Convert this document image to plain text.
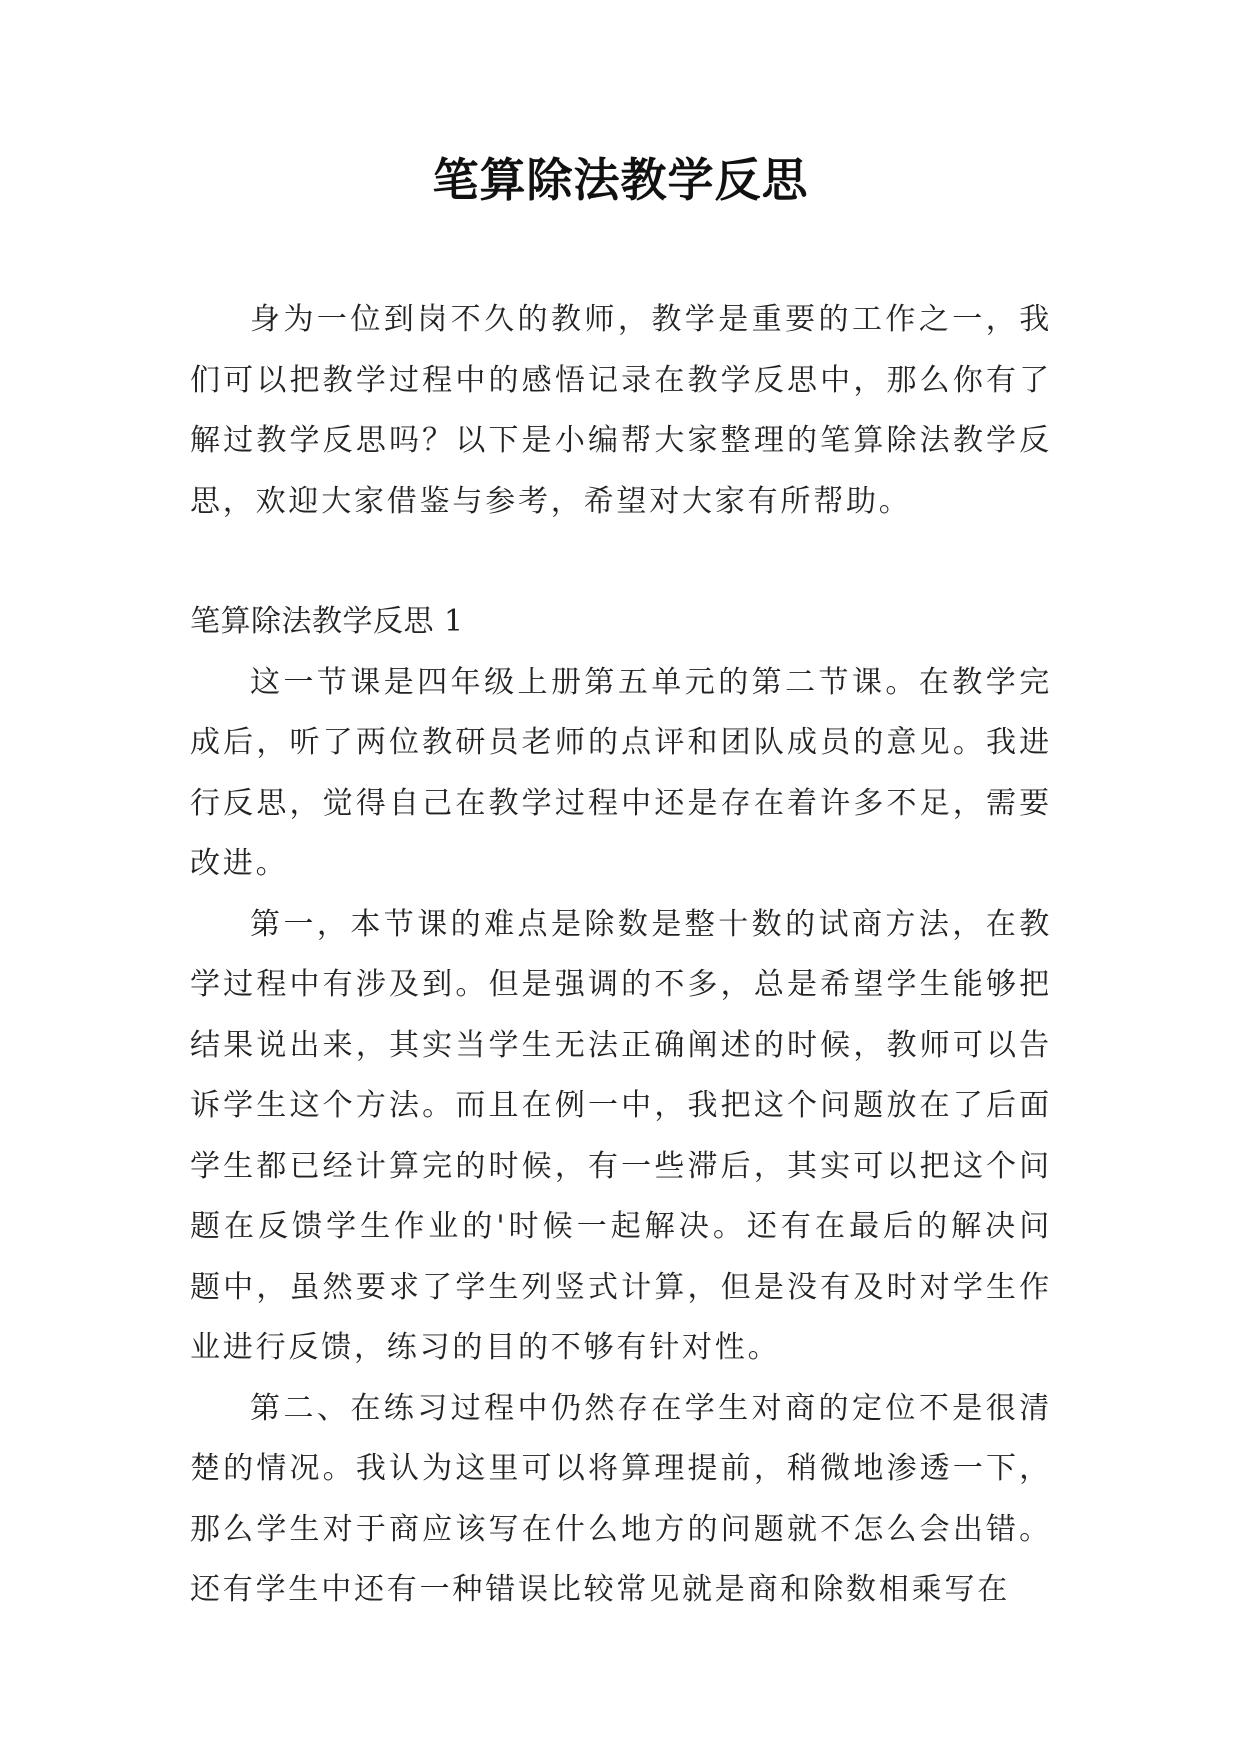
笔算除法教学反思

身为一位到岗不久的教师，教学是重要的工作之一，我们可以把教学过程中的感悟记录在教学反思中，那么你有了解过教学反思吗？以下是小编帮大家整理的笔算除法教学反思，欢迎大家借鉴与参考，希望对大家有所帮助。

笔算除法教学反思 1

这一节课是四年级上册第五单元的第二节课。在教学完成后，听了两位教研员老师的点评和团队成员的意见。我进行反思，觉得自己在教学过程中还是存在着许多不足，需要改进。

第一，本节课的难点是除数是整十数的试商方法，在教学过程中有涉及到。但是强调的不多，总是希望学生能够把结果说出来，其实当学生无法正确阐述的时候，教师可以告诉学生这个方法。而且在例一中，我把这个问题放在了后面学生都已经计算完的时候，有一些滞后，其实可以把这个问题在反馈学生作业的'时候一起解决。还有在最后的解决问题中，虽然要求了学生列竖式计算，但是没有及时对学生作业进行反馈，练习的目的不够有针对性。

第二、在练习过程中仍然存在学生对商的定位不是很清楚的情况。我认为这里可以将算理提前，稍微地渗透一下，那么学生对于商应该写在什么地方的问题就不怎么会出错。还有学生中还有一种错误比较常见就是商和除数相乘写在
